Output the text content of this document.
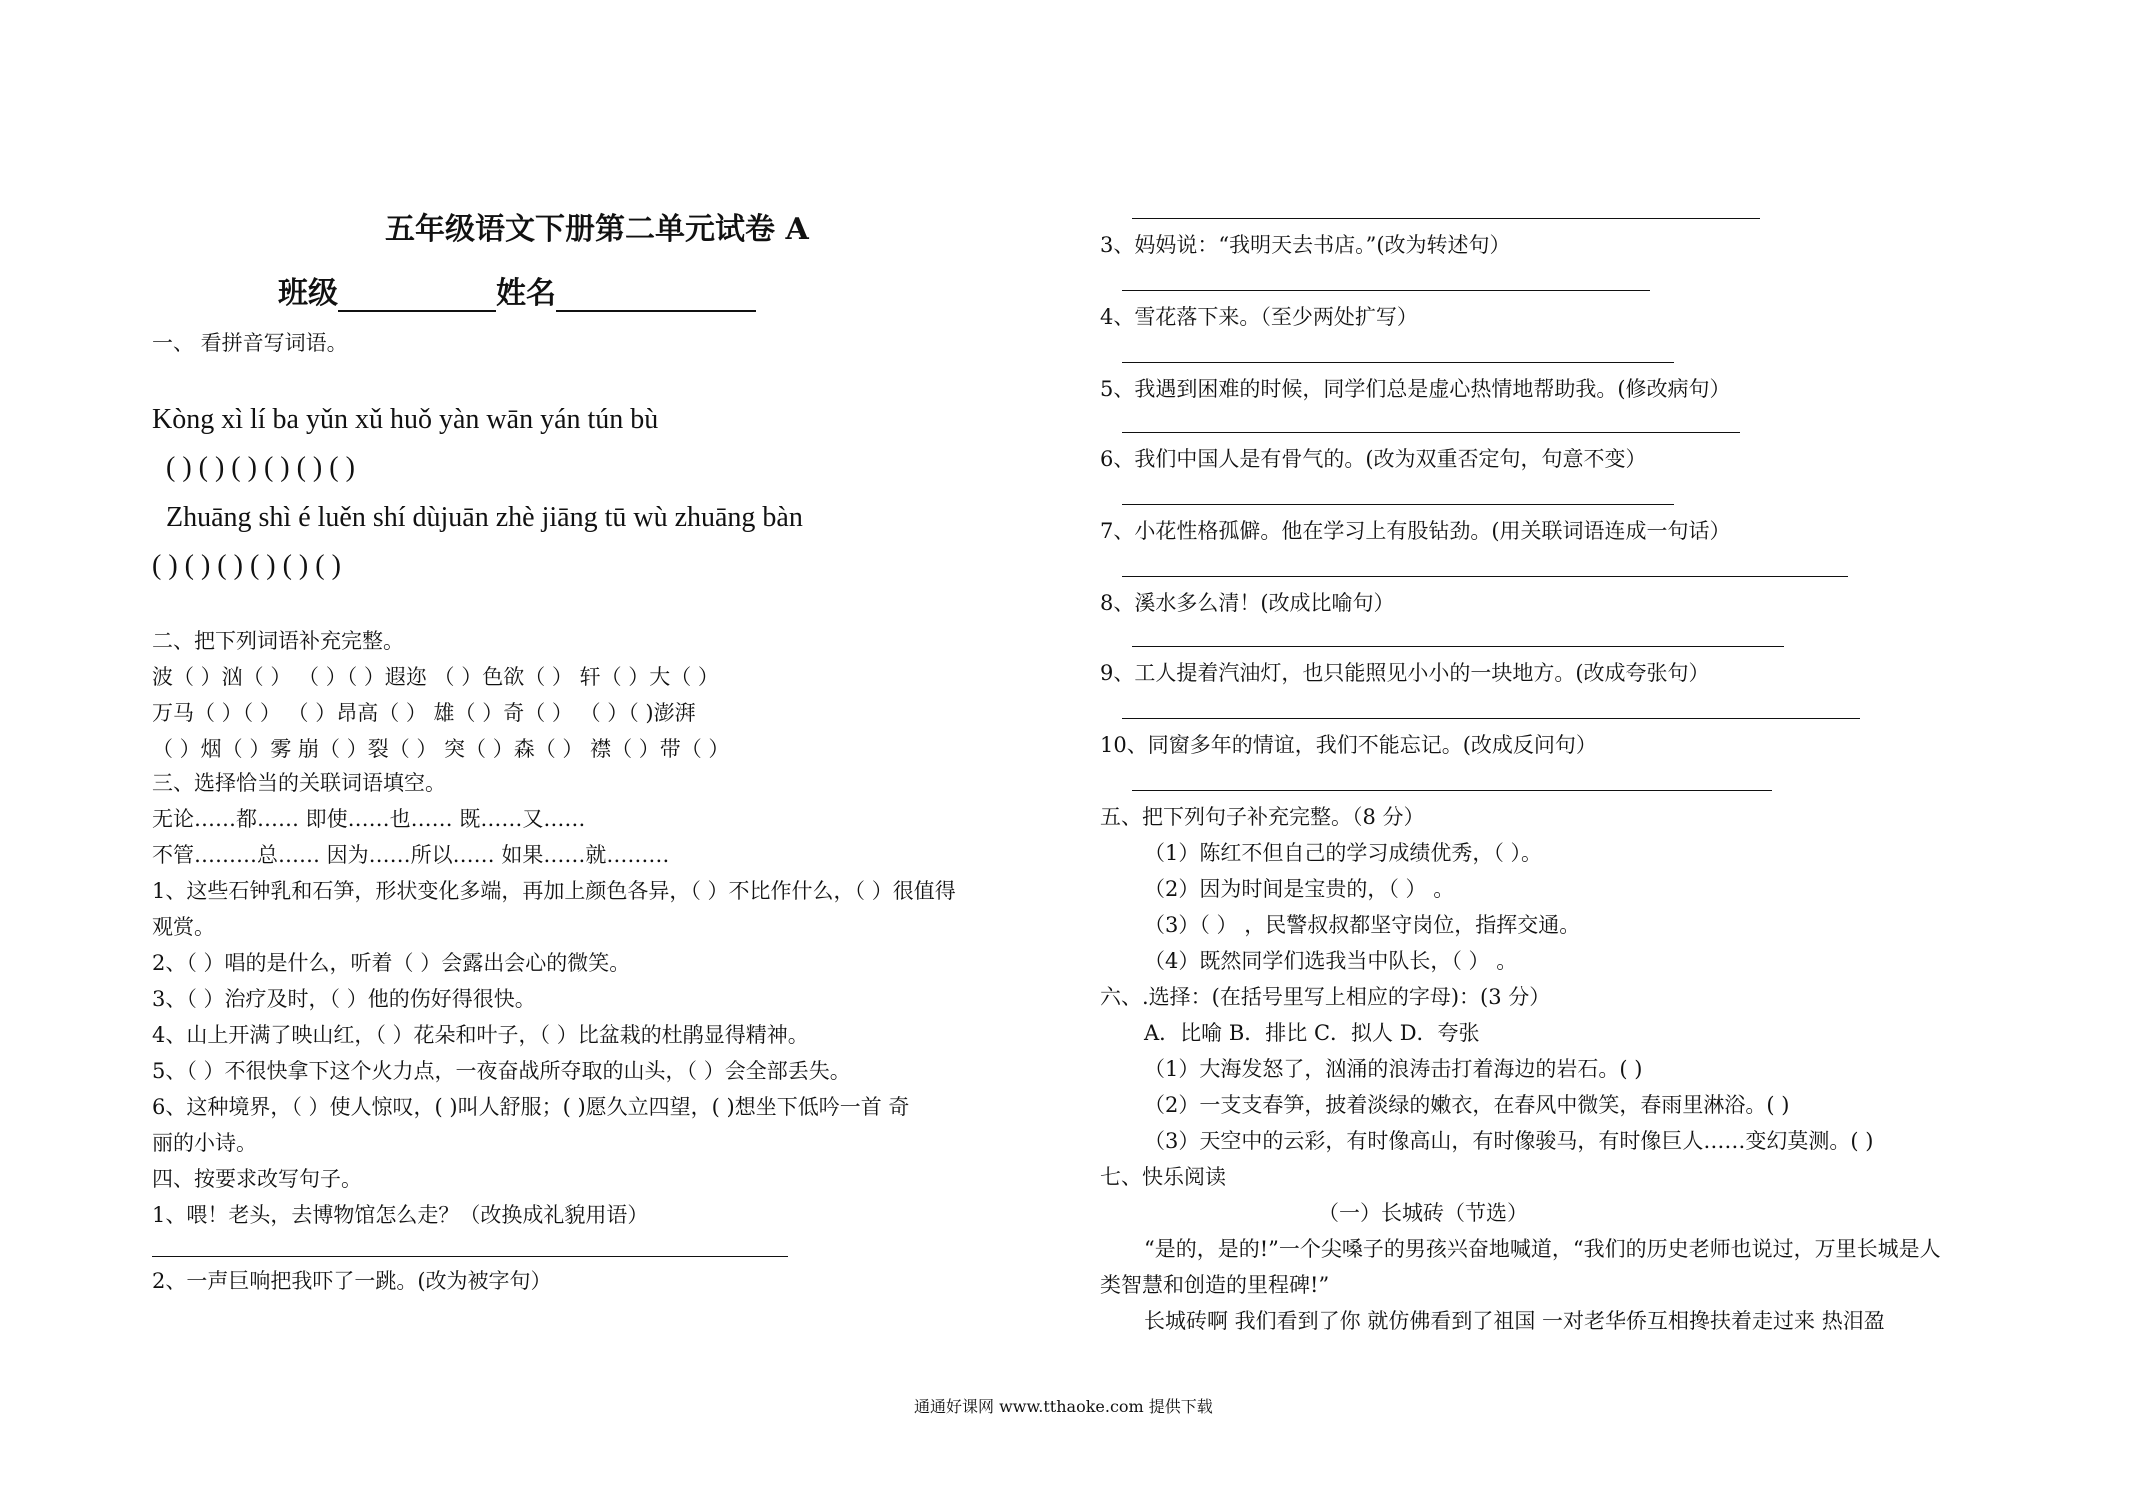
五年级语文下册第二单元试卷 A
班级	姓名
一、 看拼音写词语。
Kòng xì lí ba yǔn xǔ huǒ yàn wān yán tún bù
( ) ( ) ( ) ( ) ( ) ( )
Zhuāng shì é luěn shí dùjuān zhè jiāng tū wù zhuāng bàn
( ) ( ) ( ) ( ) ( ) ( )
二、把下列词语补充完整。
波（ ）汹（ ） （ ）（ ）遐迩 （ ）色欲（ ） 轩（ ）大（ ）
万马（ ）（ ） （ ）昂高（ ） 雄（ ）奇（ ） （ ）（ )澎湃
（ ）烟（ ）雾 崩（ ）裂（ ） 突（ ）森（ ） 襟（ ）带（ ）
三、选择恰当的关联词语填空。
无论……都…… 即使……也…… 既……又……
不管………总…… 因为……所以…… 如果……就………
1、这些石钟乳和石笋，形状变化多端，再加上颜色各异，（ ）不比作什么，（ ）很值得
观赏。
2、（ ）唱的是什么，听着（ ）会露出会心的微笑。
3、（ ）治疗及时，（ ）他的伤好得很快。
4、山上开满了映山红，（ ）花朵和叶子，（ ）比盆栽的杜鹃显得精神。
5、（ ）不很快拿下这个火力点，一夜奋战所夺取的山头，（ ）会全部丢失。
6、这种境界，（ ）使人惊叹，( )叫人舒服；( )愿久立四望，( )想坐下低吟一首 奇
丽的小诗。
四、按要求改写句子。
1、喂！老头，去博物馆怎么走？（改换成礼貌用语）
2、一声巨响把我吓了一跳。(改为被字句）
3、妈妈说：“我明天去书店。”(改为转述句）
4、雪花落下来。（至少两处扩写）
5、我遇到困难的时候，同学们总是虚心热情地帮助我。(修改病句）
6、我们中国人是有骨气的。(改为双重否定句，句意不变）
7、小花性格孤僻。他在学习上有股钻劲。(用关联词语连成一句话）
8、溪水多么清！(改成比喻句）
9、工人提着汽油灯，也只能照见小小的一块地方。(改成夸张句）
10、同窗多年的情谊，我们不能忘记。(改成反问句）
五、把下列句子补充完整。（8 分）
（1）陈红不但自己的学习成绩优秀，（ ）。
（2）因为时间是宝贵的，（ ） 。
（3）（ ） ，民警叔叔都坚守岗位，指挥交通。
（4）既然同学们选我当中队长，（ ） 。
六、.选择：(在括号里写上相应的字母)：(3 分）
A．比喻 B．排比 C．拟人 D．夸张
（1）大海发怒了，汹涌的浪涛击打着海边的岩石。( )
（2）一支支春笋，披着淡绿的嫩衣，在春风中微笑，春雨里淋浴。( )
（3）天空中的云彩，有时像高山，有时像骏马，有时像巨人……变幻莫测。( )
七、快乐阅读
（一）长城砖（节选）
“是的，是的!”一个尖嗓子的男孩兴奋地喊道，“我们的历史老师也说过，万里长城是人
类智慧和创造的里程碑!”
长城砖啊 我们看到了你 就仿佛看到了祖国 一对老华侨互相搀扶着走过来 热泪盈
通通好课网 www.tthaoke.com 提供下载
